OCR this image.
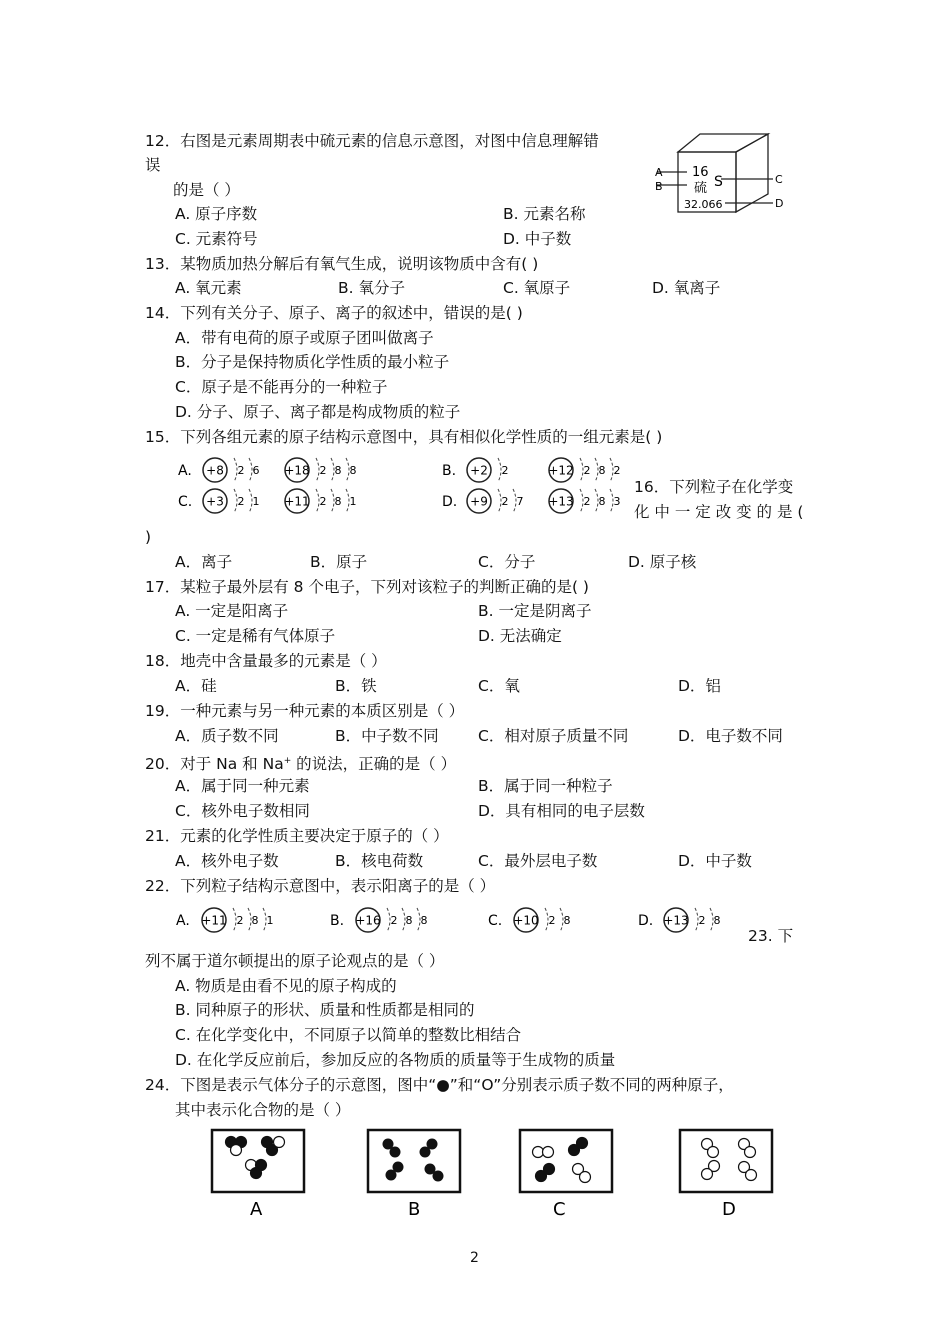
12．右图是元素周期表中硫元素的信息示意图，对图中信息理解错
误
的是（ ）
A. 原子序数	B. 元素名称
C. 元素符号	D. 中子数
A
B
C
D
16
硫 S
32.066
13．某物质加热分解后有氧气生成，说明该物质中含有( )
A. 氧元素	B. 氧分子	C. 氧原子	D. 氧离子
14．下列有关分子、原子、离子的叙述中，错误的是( )
A．带有电荷的原子或原子团叫做离子
B．分子是保持物质化学性质的最小粒子
C．原子是不能再分的一种粒子
D. 分子、原子、离子都是构成物质的粒子
15．下列各组元素的原子结构示意图中，具有相似化学性质的一组元素是( )
A. +8 2 6 +18 2 8 8	B. +2 2	+12 2 8 2
C. +3 2 1 +11 2 8 1	D. +9 2 7 +13 2 8 3
16．下列粒子在化学变
化 中 一 定 改 变 的 是 (
)
A．离子	B．原子	C．分子	D. 原子核
17．某粒子最外层有 8 个电子，下列对该粒子的判断正确的是( )
A. 一定是阳离子	B. 一定是阴离子
C. 一定是稀有气体原子	D. 无法确定
18．地壳中含量最多的元素是（ ）
A．硅	B．铁	C．氧	D．铝
19．一种元素与另一种元素的本质区别是（ ）
A．质子数不同	B．中子数不同	C．相对原子质量不同	D．电子数不同
20．对于 Na 和 Na+ 的说法，正确的是（ ）
A．属于同一种元素	B．属于同一种粒子
C．核外电子数相同	D．具有相同的电子层数
21．元素的化学性质主要决定于原子的（ ）
A．核外电子数	B．核电荷数	C．最外层电子数	D．中子数
22．下列粒子结构示意图中，表示阳离子的是（ ）
A. +11 2 8 1	B. +16 2 8 8	C. +10 2 8	D. +13 2 8
23. 下
列不属于道尔顿提出的原子论观点的是（ ）
A. 物质是由看不见的原子构成的
B. 同种原子的形状、质量和性质都是相同的
C. 在化学变化中，不同原子以简单的整数比相结合
D. 在化学反应前后，参加反应的各物质的质量等于生成物的质量
24．下图是表示气体分子的示意图，图中“●”和“O”分别表示质子数不同的两种原子，
其中表示化合物的是（ ）
A	B	C	D
2
